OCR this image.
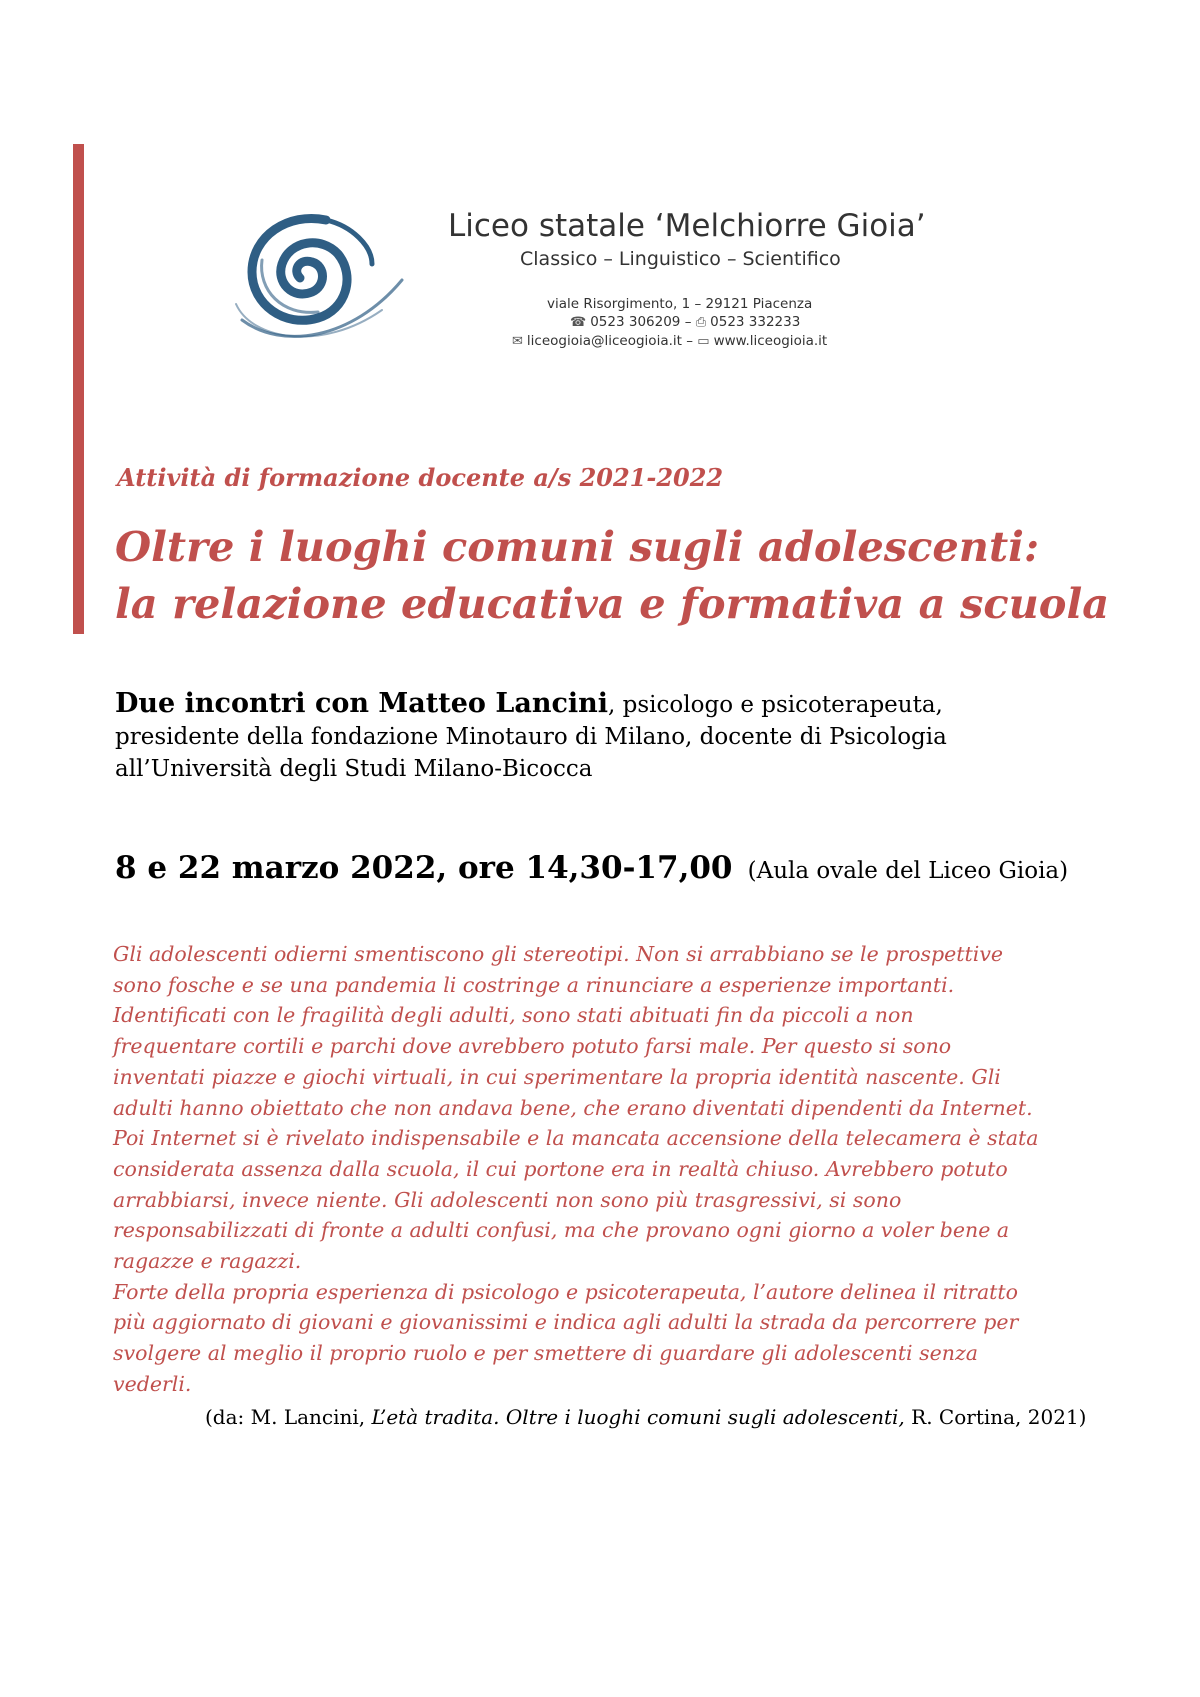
Liceo statale ‘Melchiorre Gioia’

Classico – Linguistico – Scientifico

viale Risorgimento, 1 – 29121 Piacenza
☎ 0523 306209 – ⎙ 0523 332233
✉ liceogioia@liceogioia.it – ▭ www.liceogioia.it

Attività di formazione docente a/s 2021-2022

Oltre i luoghi comuni sugli adolescenti:
la relazione educativa e formativa a scuola
Due incontri con Matteo Lancini, psicologo e psicoterapeuta,
presidente della fondazione Minotauro di Milano, docente di Psicologia
all’Università degli Studi Milano-Bicocca
8 e 22 marzo 2022, ore 14,30-17,00 (Aula ovale del Liceo Gioia)
Gli adolescenti odierni smentiscono gli stereotipi. Non si arrabbiano se le prospettive
sono fosche e se una pandemia li costringe a rinunciare a esperienze importanti.
Identificati con le fragilità degli adulti, sono stati abituati fin da piccoli a non
frequentare cortili e parchi dove avrebbero potuto farsi male. Per questo si sono
inventati piazze e giochi virtuali, in cui sperimentare la propria identità nascente. Gli
adulti hanno obiettato che non andava bene, che erano diventati dipendenti da Internet.
Poi Internet si è rivelato indispensabile e la mancata accensione della telecamera è stata
considerata assenza dalla scuola, il cui portone era in realtà chiuso. Avrebbero potuto
arrabbiarsi, invece niente. Gli adolescenti non sono più trasgressivi, si sono
responsabilizzati di fronte a adulti confusi, ma che provano ogni giorno a voler bene a
ragazze e ragazzi.
Forte della propria esperienza di psicologo e psicoterapeuta, l’autore delinea il ritratto
più aggiornato di giovani e giovanissimi e indica agli adulti la strada da percorrere per
svolgere al meglio il proprio ruolo e per smettere di guardare gli adolescenti senza
vederli.
(da: M. Lancini, L’età tradita. Oltre i luoghi comuni sugli adolescenti, R. Cortina, 2021)
